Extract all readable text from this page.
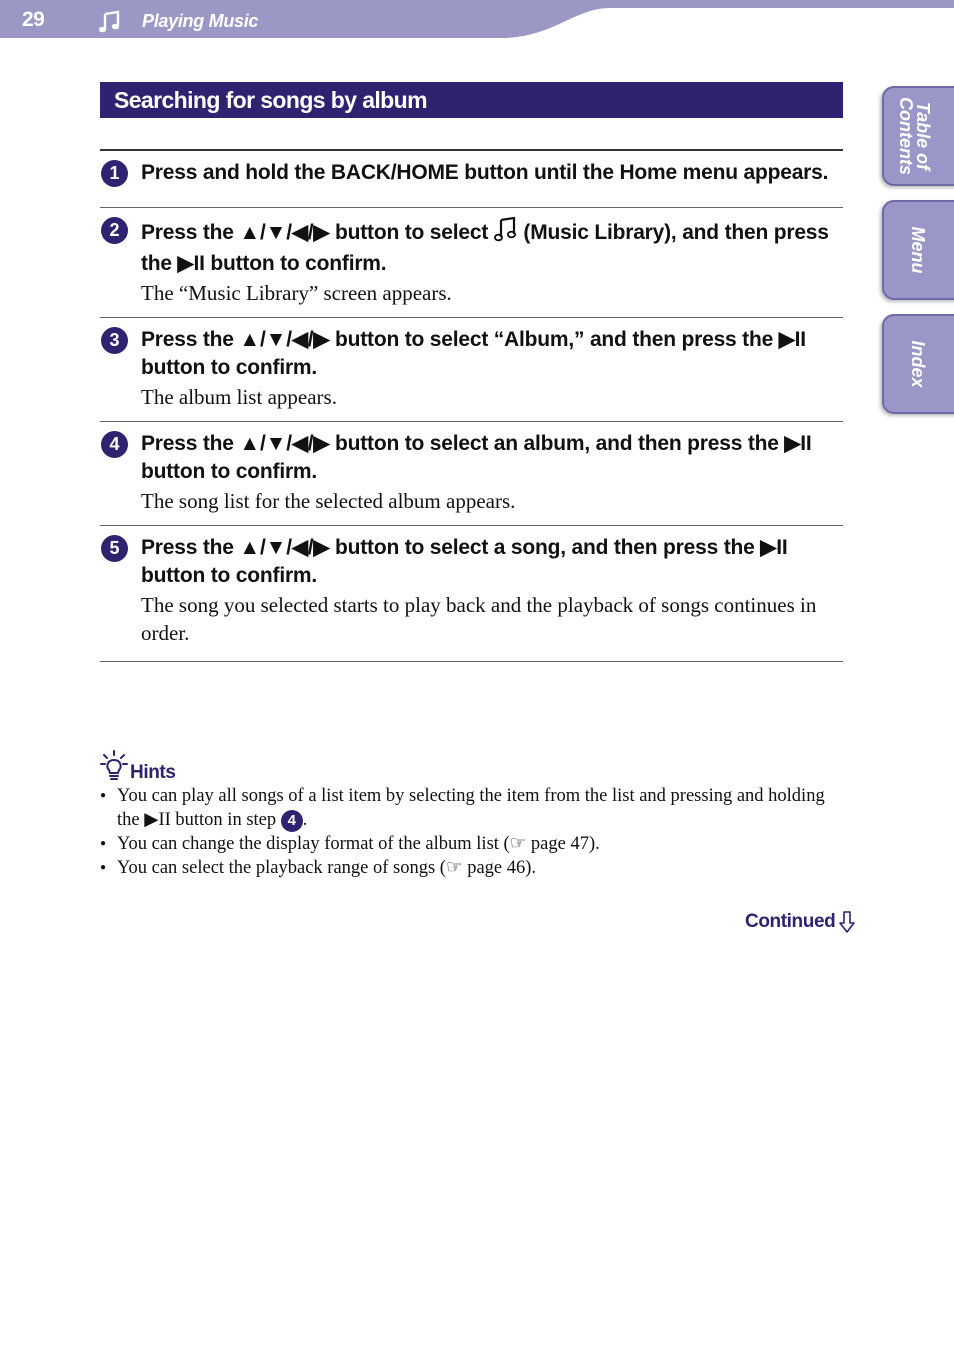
29	Playing Music
Table of
Contents
Menu
Index
Searching for songs by album
1	Press and hold the BACK/HOME button until the Home menu appears.

2	Press the ▲/▼/◀/▶ button to select  (Music Library), and then press the ▶II button to confirm.

The “Music Library” screen appears.

3	Press the ▲/▼/◀/▶ button to select “Album,” and then press the ▶II button to confirm.

The album list appears.

4	Press the ▲/▼/◀/▶ button to select an album, and then press the ▶II button to confirm.

The song list for the selected album appears.

5	Press the ▲/▼/◀/▶ button to select a song, and then press the ▶II button to confirm.

The song you selected starts to play back and the playback of songs continues in order.

Hints
● You can play all songs of a list item by selecting the item from the list and pressing and holding the ▶II button in step 4 .
● You can change the display format of the album list (☞ page 47).
● You can select the playback range of songs (☞ page 46).
Continued
